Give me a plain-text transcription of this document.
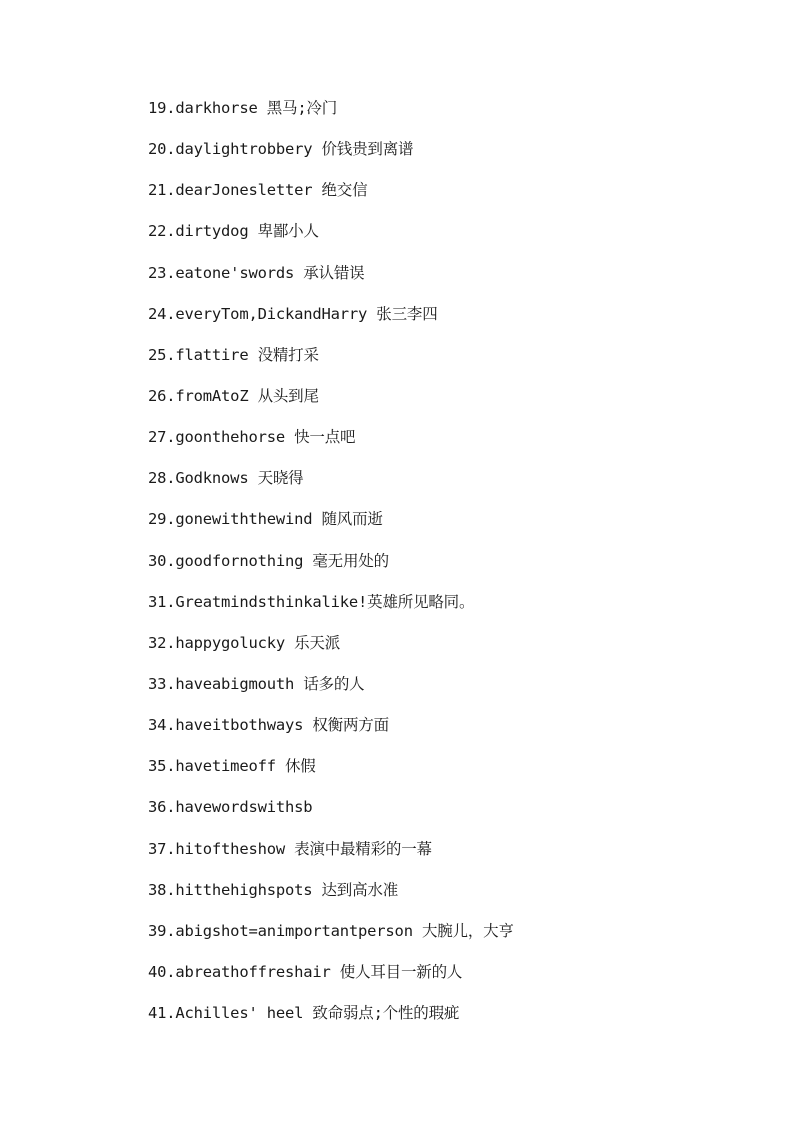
19.darkhorse 黑马;冷门
20.daylightrobbery 价钱贵到离谱
21.dearJonesletter 绝交信
22.dirtydog 卑鄙小人
23.eatone'swords 承认错误
24.everyTom,DickandHarry 张三李四
25.flattire 没精打采
26.fromAtoZ 从头到尾
27.goonthehorse 快一点吧
28.Godknows 天晓得
29.gonewiththewind 随风而逝
30.goodfornothing 毫无用处的
31.Greatmindsthinkalike!英雄所见略同。
32.happygolucky 乐天派
33.haveabigmouth 话多的人
34.haveitbothways 权衡两方面
35.havetimeoff 休假
36.havewordswithsb
37.hitoftheshow 表演中最精彩的一幕
38.hitthehighspots 达到高水准
39.abigshot=animportantperson 大腕儿，大亨
40.abreathoffreshair 使人耳目一新的人
41.Achilles' heel 致命弱点;个性的瑕疵
